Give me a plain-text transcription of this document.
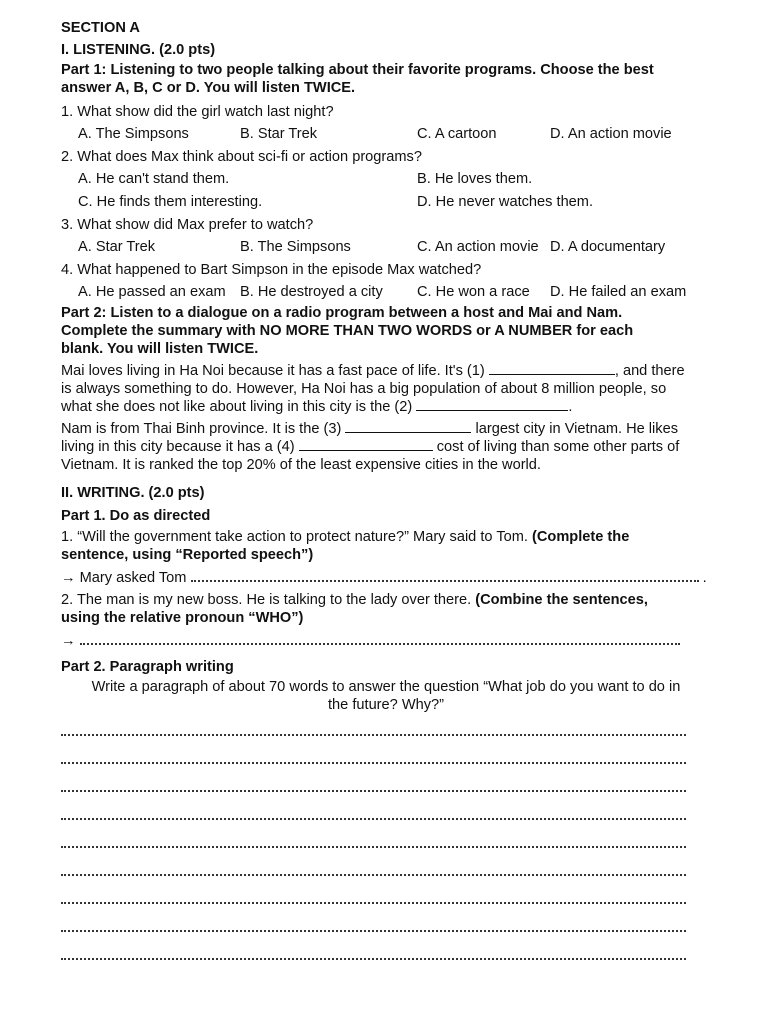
SECTION A
I. LISTENING. (2.0 pts)
Part 1: Listening to two people talking about their favorite programs. Choose the best answer A, B, C or D. You will listen TWICE.
1. What show did the girl watch last night?
A. The Simpsons	B. Star Trek	C. A cartoon	D. An action movie
2. What does Max think about sci-fi or action programs?
A. He can't stand them.	B. He loves them.
C. He finds them interesting.	D. He never watches them.
3. What show did Max prefer to watch?
A. Star Trek	B. The Simpsons	C. An action movie D. A documentary
4. What happened to Bart Simpson in the episode Max watched?
A. He passed an exam B. He destroyed a city C. He won a race D. He failed an exam
Part 2: Listen to a dialogue on a radio program between a host and Mai and Nam.
Complete the summary with NO MORE THAN TWO WORDS or A NUMBER for each
blank. You will listen TWICE.
Mai loves living in Ha Noi because it has a fast pace of life. It's (1)	, and there
is always something to do. However, Ha Noi has a big population of about 8 million people, so
what she does not like about living in this city is the (2)	.
Nam is from Thai Binh province. It is the (3)	largest city in Vietnam. He likes
living in this city because it has a (4)	cost of living than some other parts of
Vietnam. It is ranked the top 20% of the least expensive cities in the world.
II. WRITING. (2.0 pts)
Part 1. Do as directed
1. “Will the government take action to protect nature?” Mary said to Tom. (Complete the
sentence, using “Reported speech”)
→ Mary asked Tom	.
2. The man is my new boss. He is talking to the lady over there. (Combine the sentences,
using the relative pronoun “WHO”)
→
Part 2. Paragraph writing
Write a paragraph of about 70 words to answer the question “What job do you want to do in
the future? Why?”
